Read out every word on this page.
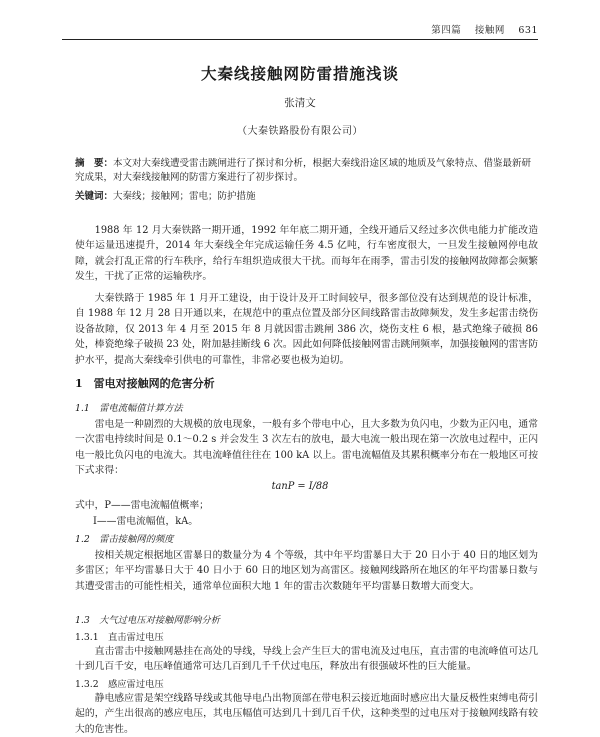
第四篇 接触网 631
大秦线接触网防雷措施浅谈
张清文
（大秦铁路股份有限公司）
摘　要：本文对大秦线遭受雷击跳闸进行了探讨和分析，根据大秦线沿途区域的地质及气象特点、借鉴最新研究成果，对大秦线接触网的防雷方案进行了初步探讨。
关键词：大秦线；接触网；雷电；防护措施
1988 年 12 月大秦铁路一期开通，1992 年年底二期开通，全线开通后又经过多次供电能力扩能改造使年运量迅速提升，2014 年大秦线全年完成运输任务 4.5 亿吨，行车密度很大，一旦发生接触网停电故障，就会打乱正常的行车秩序，给行车组织造成很大干扰。而每年在雨季，雷击引发的接触网故障都会频繁发生，干扰了正常的运输秩序。
大秦铁路于 1985 年 1 月开工建设，由于设计及开工时间较早，很多部位没有达到规范的设计标准，自 1988 年 12 月 28 日开通以来，在规范中的重点位置及部分区间线路雷击故障频发，发生多起雷击绕伤设备故障，仅 2013 年 4 月至 2015 年 8 月就因雷击跳闸 386 次，烧伤支柱 6 根，悬式绝缘子破损 86 处，棒瓷绝缘子破损 23 处，附加悬挂断线 6 次。因此如何降低接触网雷击跳闸频率，加强接触网的雷害防护水平，提高大秦线牵引供电的可靠性，非常必要也极为迫切。
1　雷电对接触网的危害分析
1.1　雷电流幅值计算方法
雷电是一种剧烈的大规模的放电现象，一般有多个带电中心，且大多数为负闪电，少数为正闪电，通常一次雷电持续时间是 0.1～0.2 s 并会发生 3 次左右的放电，最大电流一般出现在第一次放电过程中，正闪电一般比负闪电的电流大。其电流峰值往往在 100 kA 以上。雷电流幅值及其累积概率分布在一般地区可按下式求得：
tanP = I/88
式中，P——雷电流幅值概率；
I——雷电流幅值，kA。
1.2　雷击接触网的频度
按相关规定根据地区雷暴日的数量分为 4 个等级，其中年平均雷暴日大于 20 日小于 40 日的地区划为多雷区；年平均雷暴日大于 40 日小于 60 日的地区划为高雷区。接触网线路所在地区的年平均雷暴日数与其遭受雷击的可能性相关，通常单位面积大地 1 年的雷击次数随年平均雷暴日数增大而变大。
1.3　大气过电压对接触网影响分析
1.3.1　直击雷过电压
直击雷击中接触网悬挂在高处的导线，导线上会产生巨大的雷电流及过电压，直击雷的电流峰值可达几十到几百千安，电压峰值通常可达几百到几千千伏过电压，释放出有很强破坏性的巨大能量。
1.3.2　感应雷过电压
静电感应雷是架空线路导线或其他导电凸出物顶部在带电积云接近地面时感应出大量反极性束缚电荷引起的，产生出很高的感应电压，其电压幅值可达到几十到几百千伏，这种类型的过电压对于接触网线路有较大的危害性。
